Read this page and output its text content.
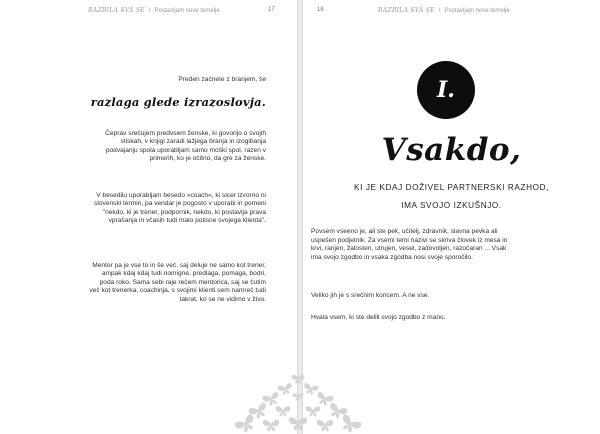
RAZBILA SVA SE I Postavljam nove temelje	17

Preden začnete z branjem, še

razlaga glede izrazoslovja.

Čeprav srečujem predvsem ženske, ki govorijo o svojih stiskah, v knjigi zaradi lažjega branja in izogibanja podvajanju spola uporabljam samo moški spol, razen v primerih, ko je očitno, da gre za ženske.

V besedilu uporabljam besedo »coach«, ki sicer izvorno ni slovenski termin, pa vendar je pogosto v uporabi in pomeni "nekdo, ki je trener, podpornik, nekdo, ki postavlja prava vprašanja in včasih tudi malo potisne svojega klienta".

Mentor pa je vse to in še več, saj deluje ne samo kot trener, ampak kdaj kdaj tudi nomigne, predlaga, pomaga, bodri, poda roko. Sama sebi raje rečem mentorica, saj se čutim več kot trenerka, coachinja, s svojimi klienti sem namreč tudi takrat, ko se ne vidimo v živo.

18	RAZBILA SVA SE I Postavljam nove temelje
I.
Vsakdo,
KI JE KDAJ DOŽIVEL PARTNERSKI RAZHOD,
IMA SVOJO IZKUŠNJO.

Povsem vseeno je, ali ste pek, učitelj, zdravnik, slavna pevka ali uspešen podjetnik. Za vsemi temi nazivi se skriva človek iz mesa in krvi, ranjen, žalosten, utrujen, vesel, zadovoljen, razočaran ... Vsak ima svojo zgodbo in vsaka zgodba nosi svoje sporočilo.

Veliko jih je s srečnim koncem. A ne vse.

Hvala vsem, ki ste delili svojo zgodbo z mano.
